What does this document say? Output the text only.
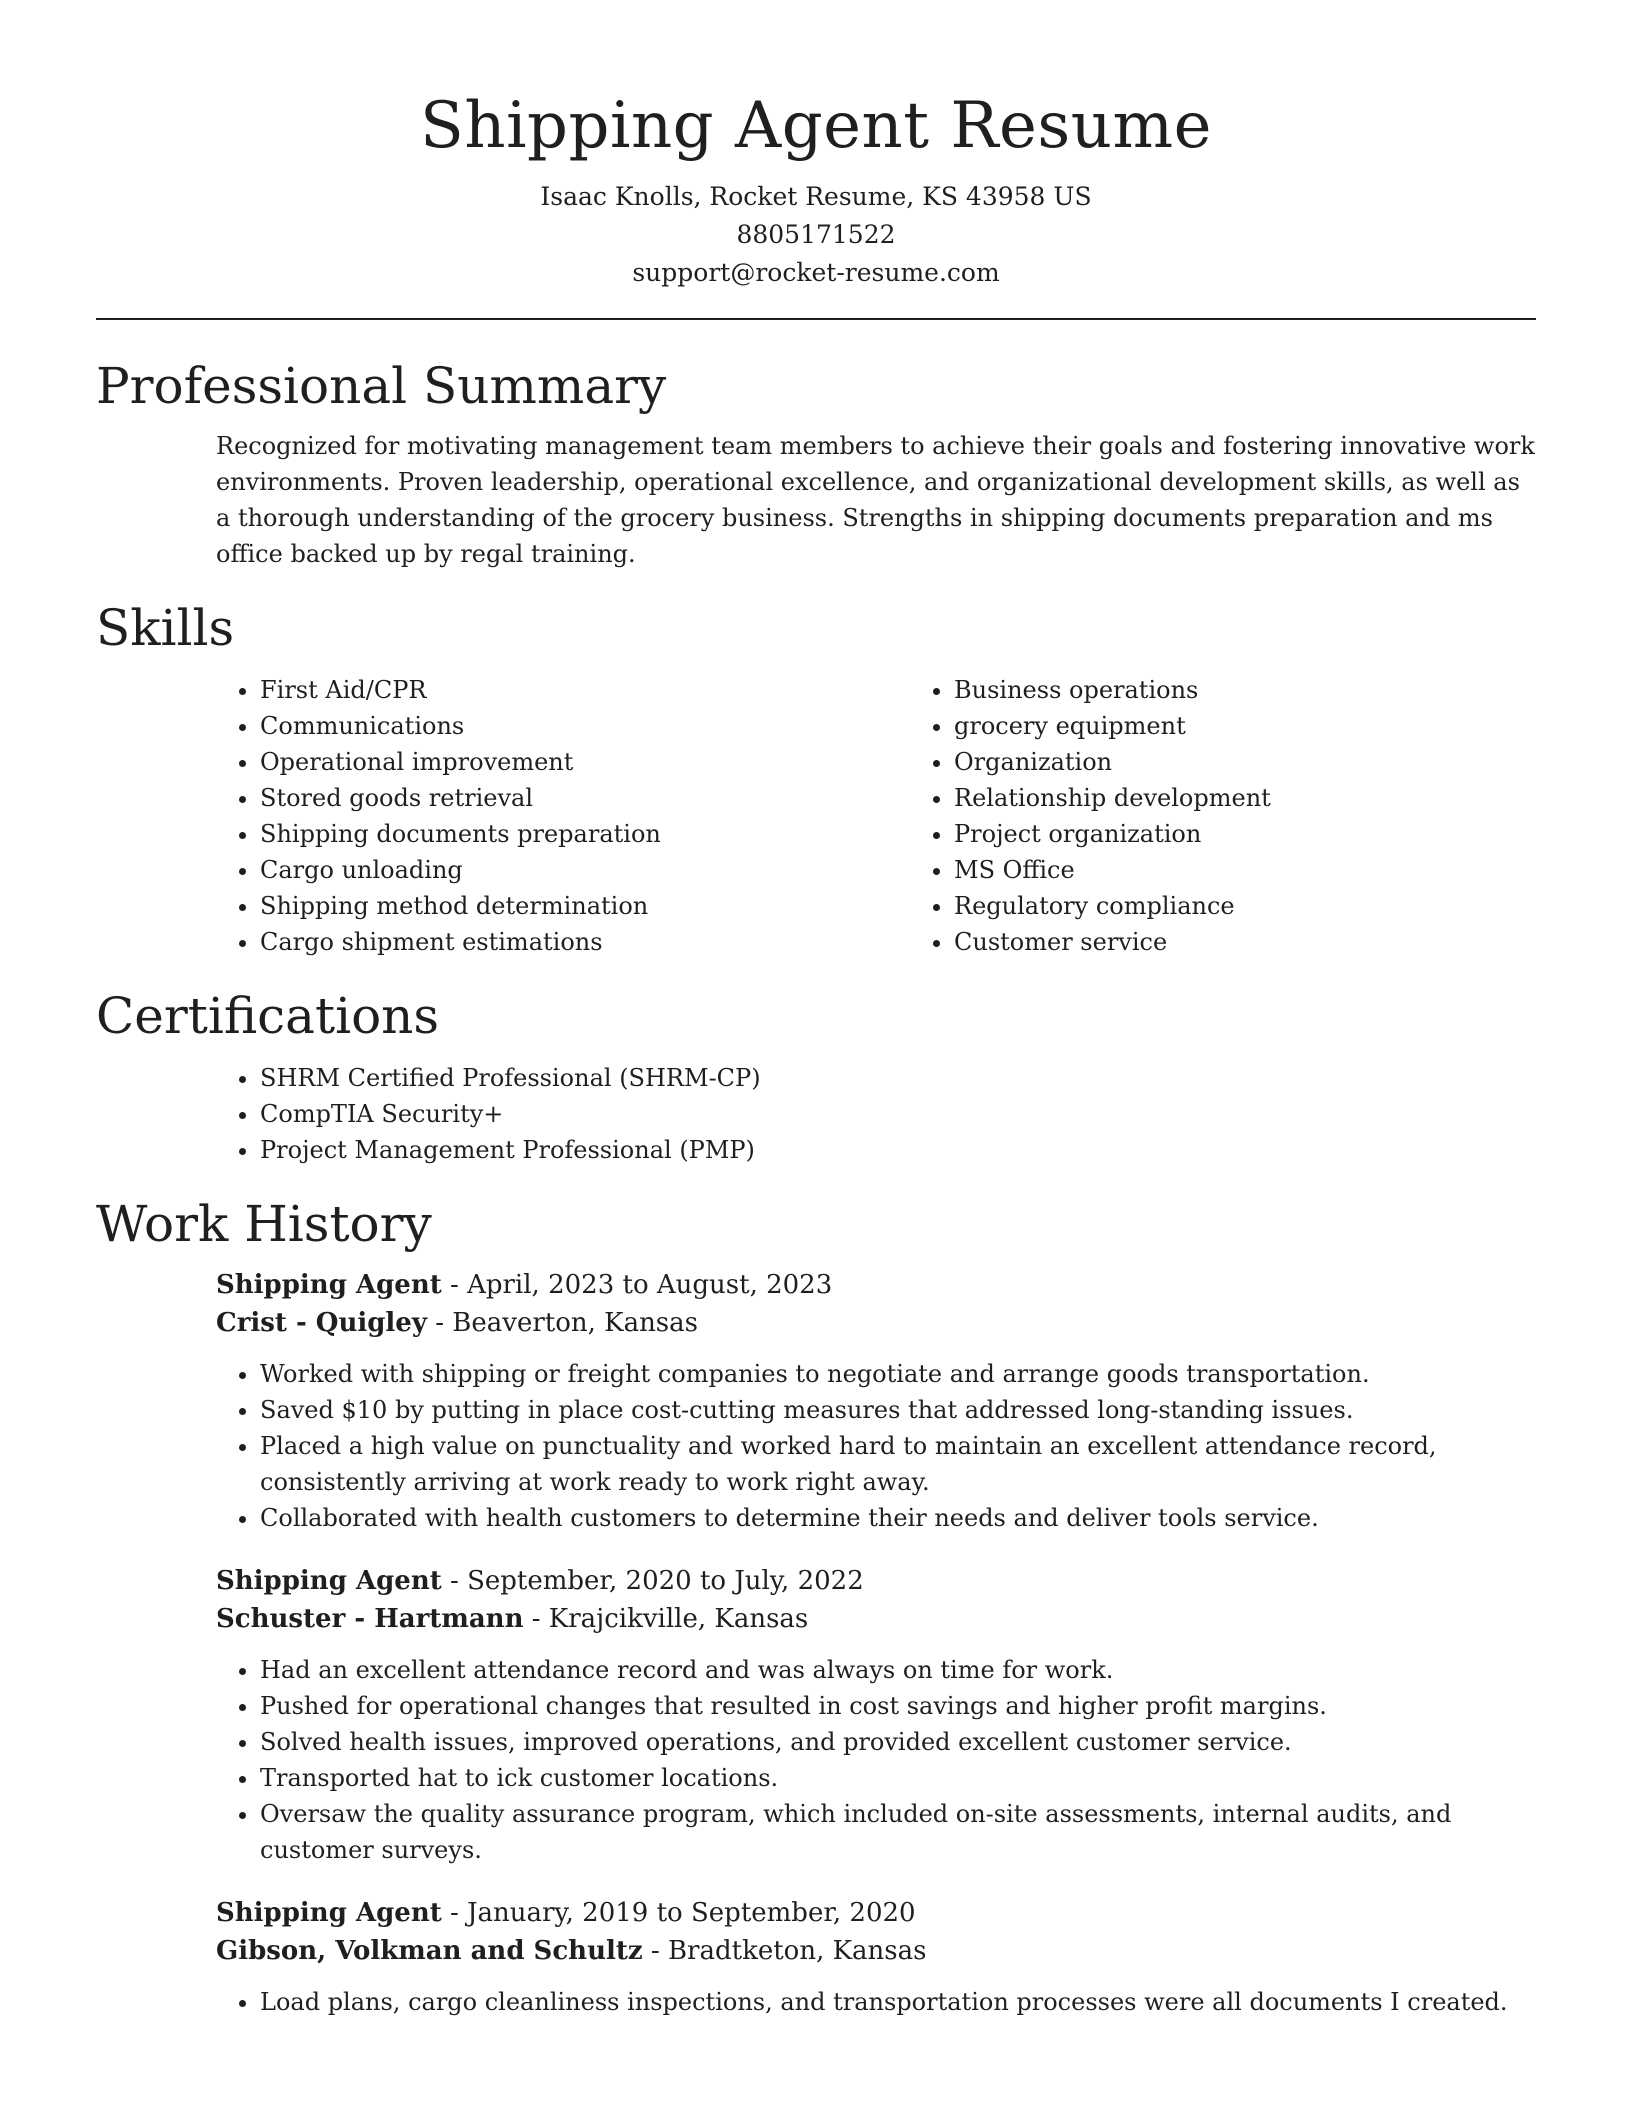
Shipping Agent Resume
Isaac Knolls, Rocket Resume, KS 43958 US
8805171522
support@rocket-resume.com
Professional Summary

Recognized for motivating management team members to achieve their goals and fostering innovative work environments. Proven leadership, operational excellence, and organizational development skills, as well as a thorough understanding of the grocery business. Strengths in shipping documents preparation and ms office backed up by regal training.

Skills
• First Aid/CPR
• Communications
• Operational improvement
• Stored goods retrieval
• Shipping documents preparation
• Cargo unloading
• Shipping method determination
• Cargo shipment estimations
• Business operations
• grocery equipment
• Organization
• Relationship development
• Project organization
• MS Office
• Regulatory compliance
• Customer service
Certifications
• SHRM Certified Professional (SHRM-CP)
• CompTIA Security+
• Project Management Professional (PMP)
Work History
Shipping Agent - April, 2023 to August, 2023
Crist - Quigley - Beaverton, Kansas
• Worked with shipping or freight companies to negotiate and arrange goods transportation.
• Saved $10 by putting in place cost-cutting measures that addressed long-standing issues.
• Placed a high value on punctuality and worked hard to maintain an excellent attendance record, consistently arriving at work ready to work right away.
• Collaborated with health customers to determine their needs and deliver tools service.
Shipping Agent - September, 2020 to July, 2022
Schuster - Hartmann - Krajcikville, Kansas
• Had an excellent attendance record and was always on time for work.
• Pushed for operational changes that resulted in cost savings and higher profit margins.
• Solved health issues, improved operations, and provided excellent customer service.
• Transported hat to ick customer locations.
• Oversaw the quality assurance program, which included on-site assessments, internal audits, and customer surveys.
Shipping Agent - January, 2019 to September, 2020
Gibson, Volkman and Schultz - Bradtketon, Kansas
• Load plans, cargo cleanliness inspections, and transportation processes were all documents I created.
